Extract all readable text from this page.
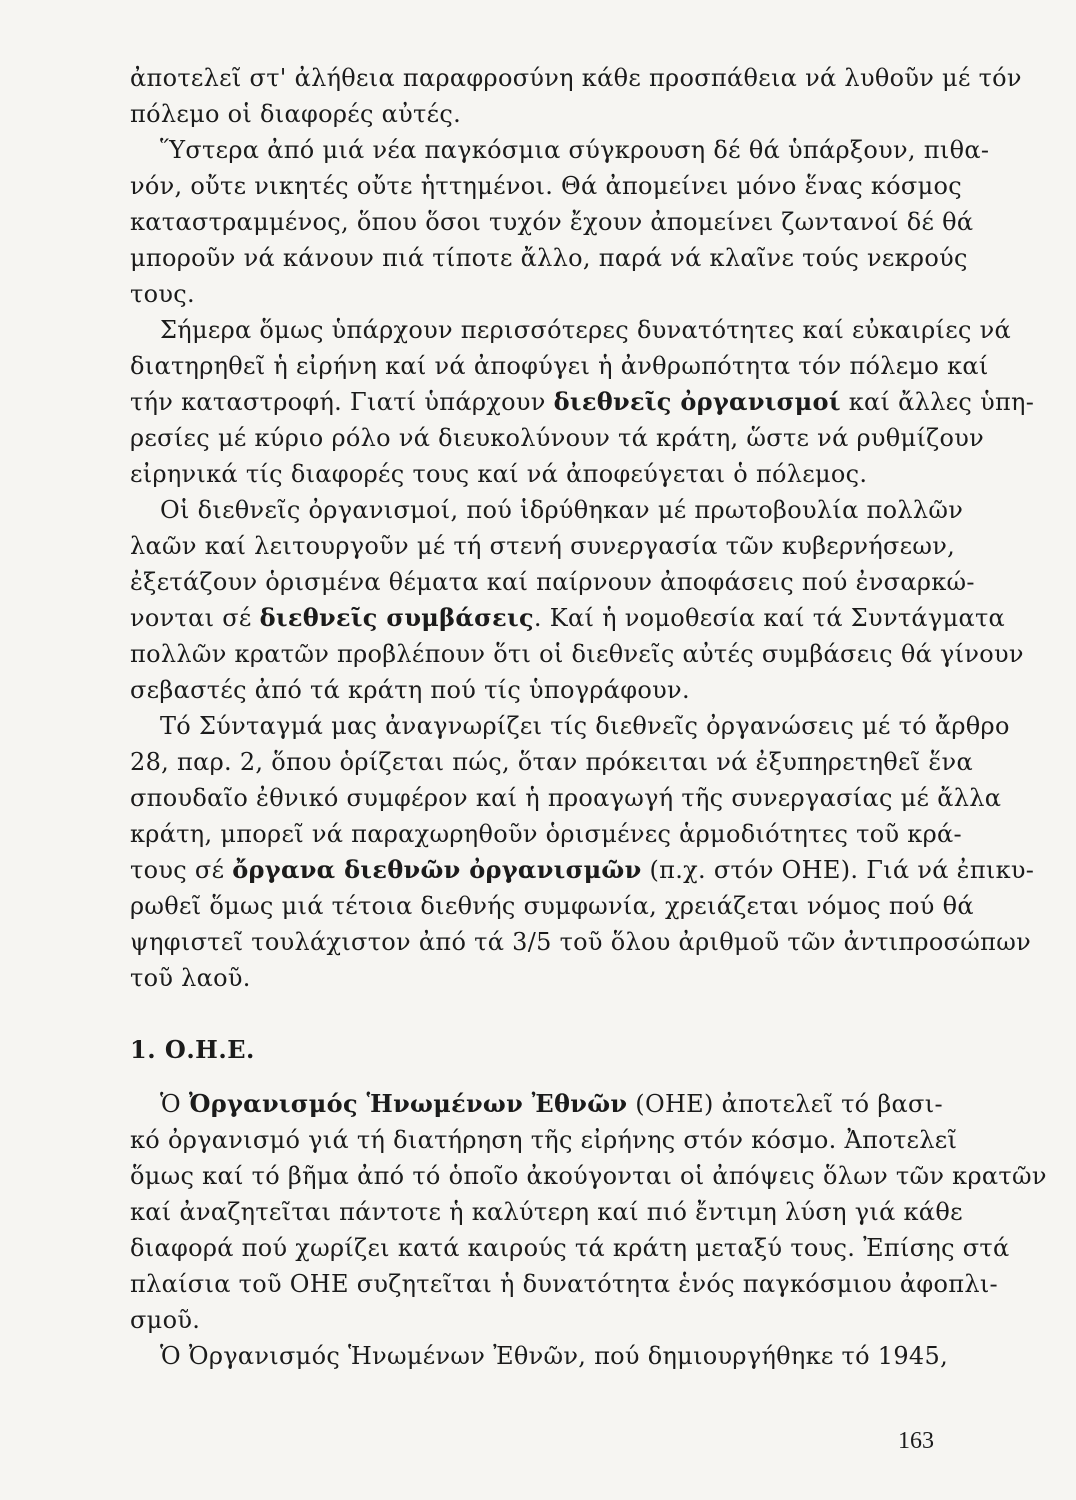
ἀποτελεῖ στ' ἀλήθεια παραφροσύνη κάθε προσπάθεια νά λυθοῦν μέ τόν
πόλεμο οἱ διαφορές αὐτές.
Ὕστερα ἀπό μιά νέα παγκόσμια σύγκρουση δέ θά ὑπάρξουν, πιθα-
νόν, οὔτε νικητές οὔτε ἡττημένοι. Θά ἀπομείνει μόνο ἕνας κόσμος
καταστραμμένος, ὅπου ὅσοι τυχόν ἔχουν ἀπομείνει ζωντανοί δέ θά
μποροῦν νά κάνουν πιά τίποτε ἄλλο, παρά νά κλαῖνε τούς νεκρούς
τους.
Σήμερα ὅμως ὑπάρχουν περισσότερες δυνατότητες καί εὐκαιρίες νά
διατηρηθεῖ ἡ εἰρήνη καί νά ἀποφύγει ἡ ἀνθρωπότητα τόν πόλεμο καί
τήν καταστροφή. Γιατί ὑπάρχουν διεθνεῖς ὀργανισμοί καί ἄλλες ὑπη-
ρεσίες μέ κύριο ρόλο νά διευκολύνουν τά κράτη, ὥστε νά ρυθμίζουν
εἰρηνικά τίς διαφορές τους καί νά ἀποφεύγεται ὁ πόλεμος.
Οἱ διεθνεῖς ὀργανισμοί, πού ἱδρύθηκαν μέ πρωτοβουλία πολλῶν
λαῶν καί λειτουργοῦν μέ τή στενή συνεργασία τῶν κυβερνήσεων,
ἐξετάζουν ὁρισμένα θέματα καί παίρνουν ἀποφάσεις πού ἐνσαρκώ-
νονται σέ διεθνεῖς συμβάσεις. Καί ἡ νομοθεσία καί τά Συντάγματα
πολλῶν κρατῶν προβλέπουν ὅτι οἱ διεθνεῖς αὐτές συμβάσεις θά γίνουν
σεβαστές ἀπό τά κράτη πού τίς ὑπογράφουν.
Τό Σύνταγμά μας ἀναγνωρίζει τίς διεθνεῖς ὀργανώσεις μέ τό ἄρθρο
28, παρ. 2, ὅπου ὁρίζεται πώς, ὅταν πρόκειται νά ἐξυπηρετηθεῖ ἕνα
σπουδαῖο ἐθνικό συμφέρον καί ἡ προαγωγή τῆς συνεργασίας μέ ἄλλα
κράτη, μπορεῖ νά παραχωρηθοῦν ὁρισμένες ἁρμοδιότητες τοῦ κρά-
τους σέ ὄργανα διεθνῶν ὀργανισμῶν (π.χ. στόν ΟΗΕ). Γιά νά ἐπικυ-
ρωθεῖ ὅμως μιά τέτοια διεθνής συμφωνία, χρειάζεται νόμος πού θά
ψηφιστεῖ τουλάχιστον ἀπό τά 3/5 τοῦ ὅλου ἀριθμοῦ τῶν ἀντιπροσώπων
τοῦ λαοῦ.
1. Ο.Η.Ε.
Ὁ Ὀργανισμός Ἡνωμένων Ἐθνῶν (ΟΗΕ) ἀποτελεῖ τό βασι-
κό ὀργανισμό γιά τή διατήρηση τῆς εἰρήνης στόν κόσμο. Ἀποτελεῖ
ὅμως καί τό βῆμα ἀπό τό ὁποῖο ἀκούγονται οἱ ἀπόψεις ὅλων τῶν κρατῶν
καί ἀναζητεῖται πάντοτε ἡ καλύτερη καί πιό ἔντιμη λύση γιά κάθε
διαφορά πού χωρίζει κατά καιρούς τά κράτη μεταξύ τους. Ἐπίσης στά
πλαίσια τοῦ ΟΗΕ συζητεῖται ἡ δυνατότητα ἑνός παγκόσμιου ἀφοπλι-
σμοῦ.
Ὁ Ὀργανισμός Ἡνωμένων Ἐθνῶν, πού δημιουργήθηκε τό 1945,
163
